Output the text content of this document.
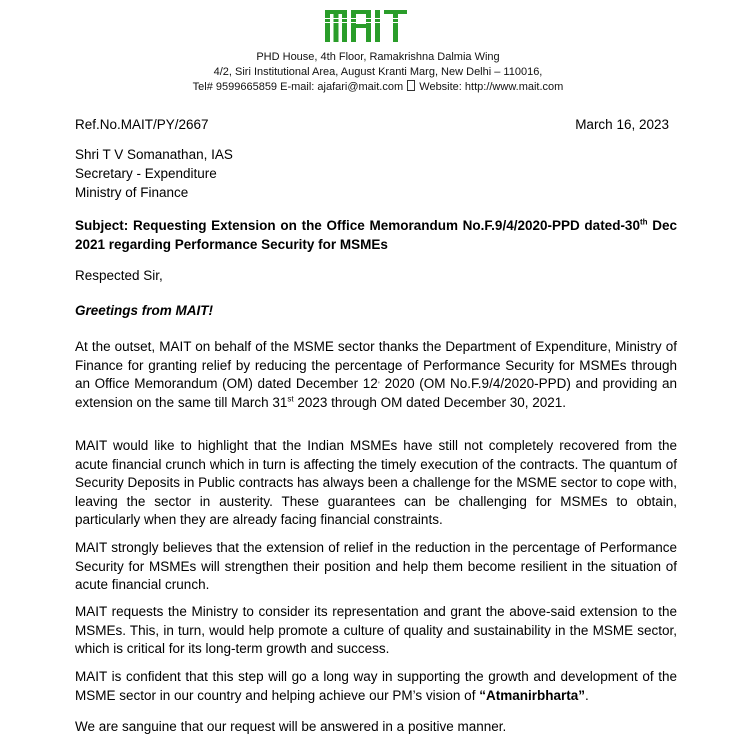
PHD House, 4th Floor, Ramakrishna Dalmia Wing
4/2, Siri Institutional Area, August Kranti Marg, New Delhi – 110016,
Tel# 9599665859 E-mail: ajafari@mait.com Website: http://www.mait.com
Ref.No.MAIT/PY/2667	March 16, 2023
Shri T V Somanathan, IAS
Secretary - Expenditure
Ministry of Finance
Subject: Requesting Extension on the Office Memorandum No.F.9/4/2020-PPD dated-30th Dec 2021 regarding Performance Security for MSMEs
Respected Sir,
Greetings from MAIT!
At the outset, MAIT on behalf of the MSME sector thanks the Department of Expenditure, Ministry of Finance for granting relief by reducing the percentage of Performance Security for MSMEs through an Office Memorandum (OM) dated December 12, 2020 (OM No.F.9/4/2020-PPD) and providing an extension on the same till March 31st 2023 through OM dated December 30, 2021.
MAIT would like to highlight that the Indian MSMEs have still not completely recovered from the acute financial crunch which in turn is affecting the timely execution of the contracts. The quantum of Security Deposits in Public contracts has always been a challenge for the MSME sector to cope with, leaving the sector in austerity. These guarantees can be challenging for MSMEs to obtain, particularly when they are already facing financial constraints.
MAIT strongly believes that the extension of relief in the reduction in the percentage of Performance Security for MSMEs will strengthen their position and help them become resilient in the situation of acute financial crunch.
MAIT requests the Ministry to consider its representation and grant the above-said extension to the MSMEs. This, in turn, would help promote a culture of quality and sustainability in the MSME sector, which is critical for its long-term growth and success.
MAIT is confident that this step will go a long way in supporting the growth and development of the MSME sector in our country and helping achieve our PM’s vision of “Atmanirbharta”.
We are sanguine that our request will be answered in a positive manner.
